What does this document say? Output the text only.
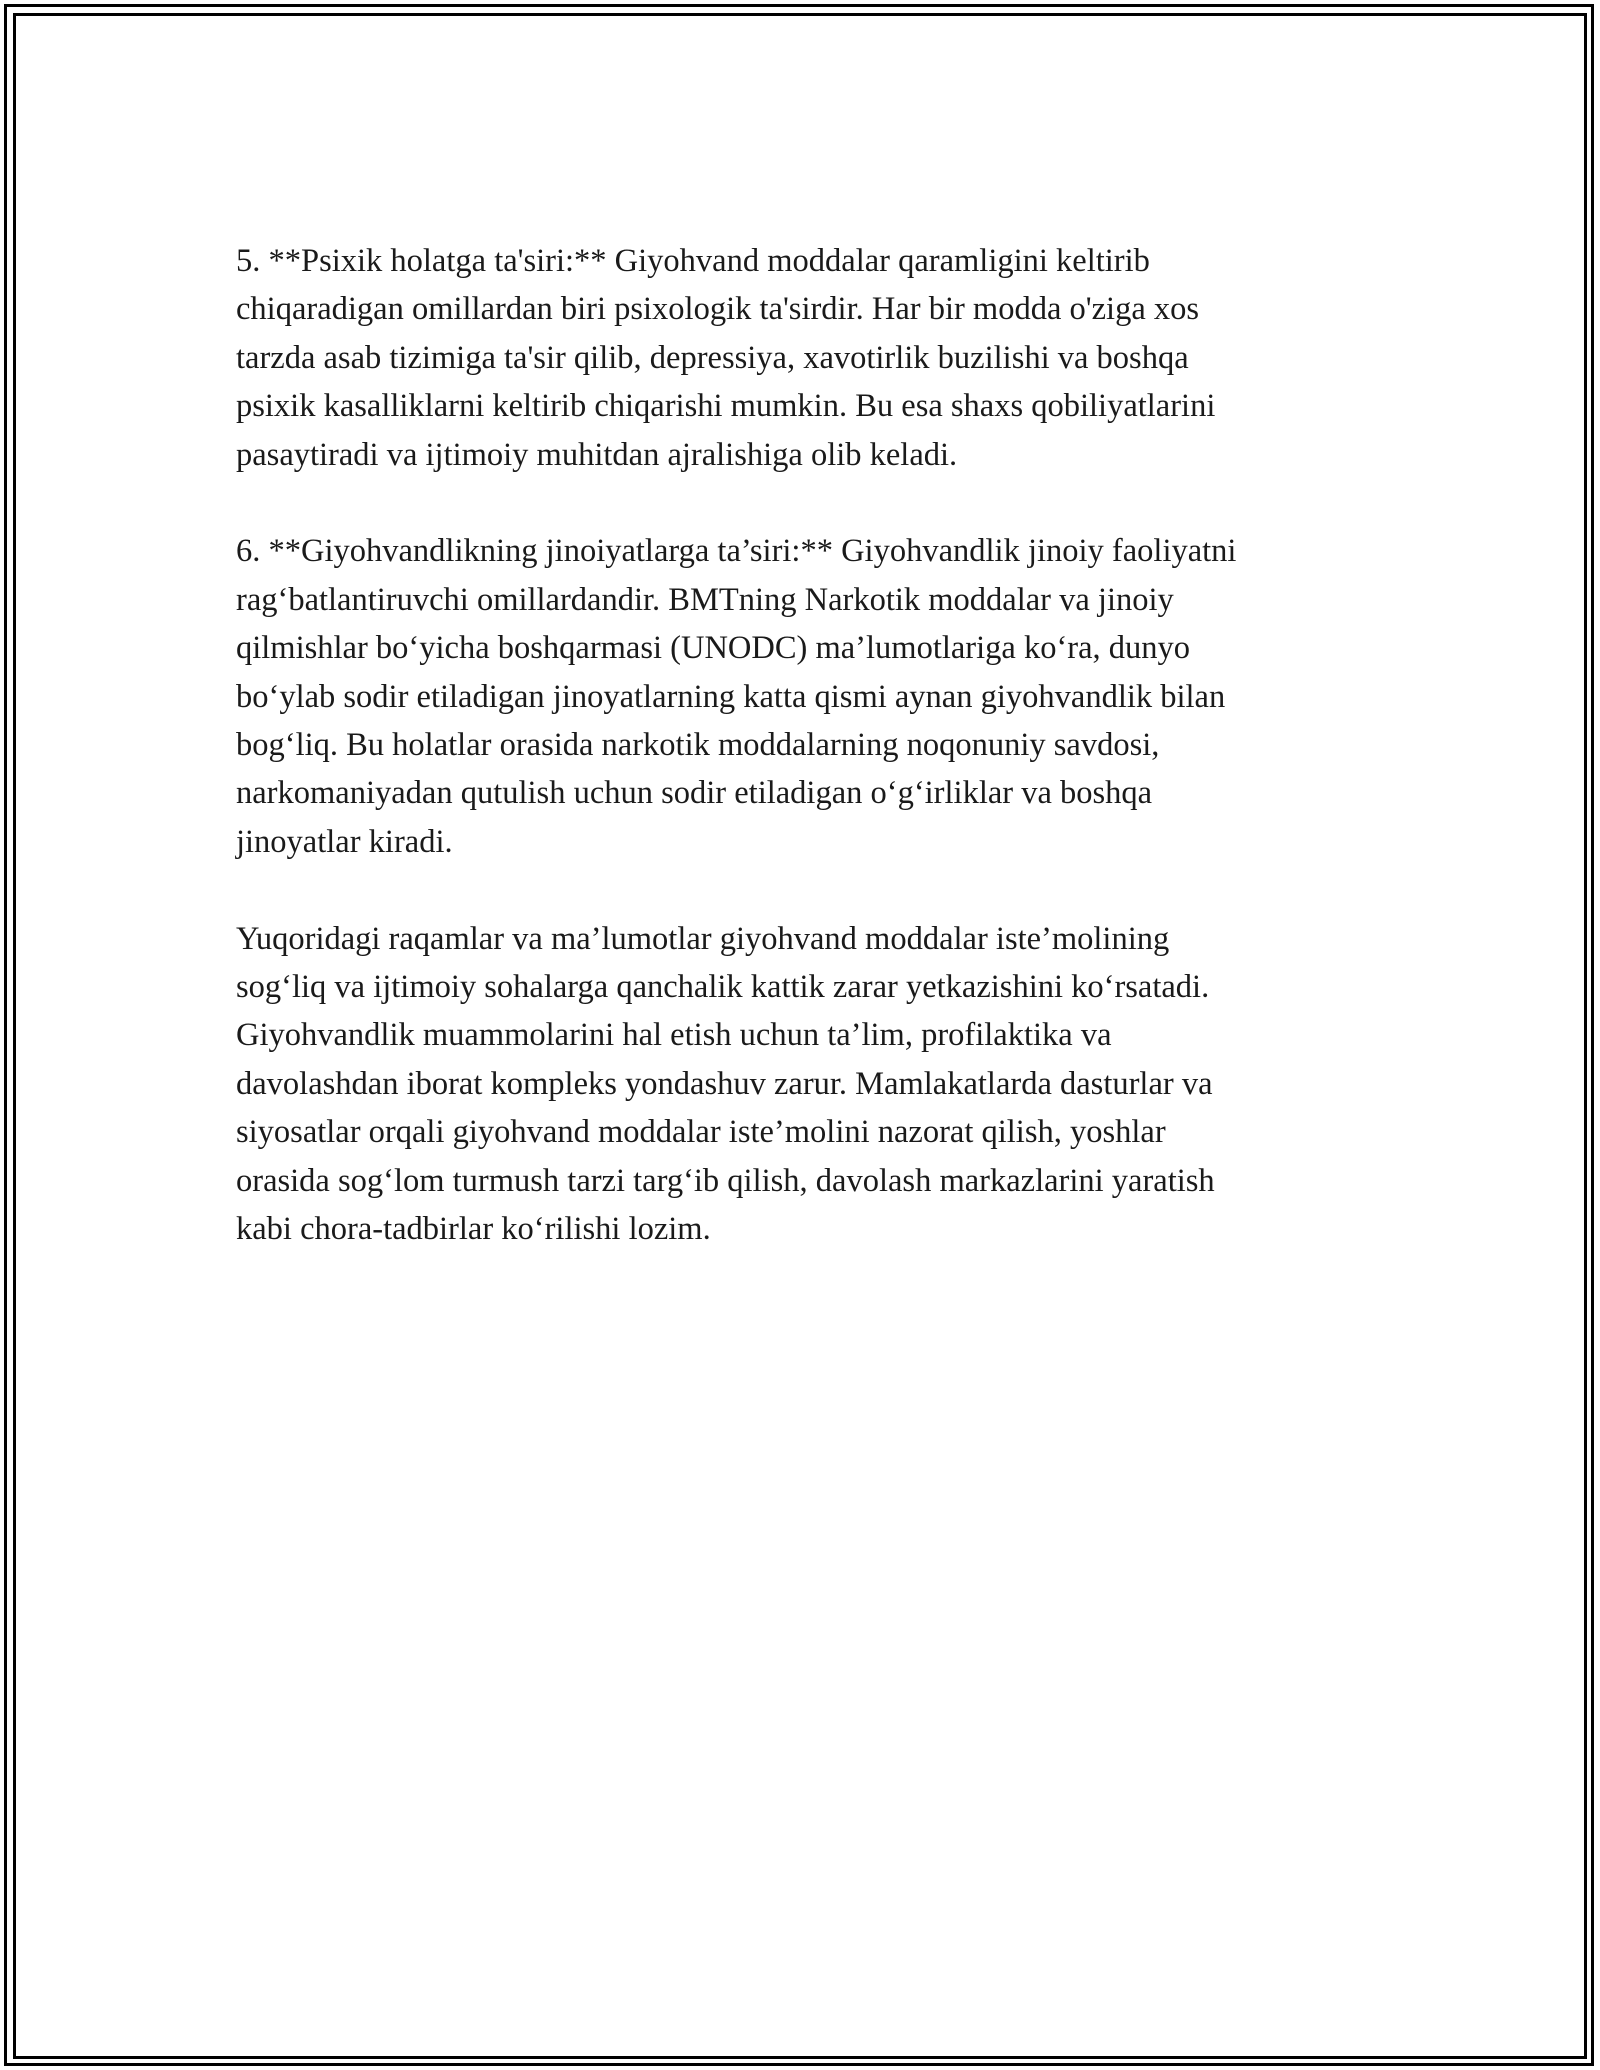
5. **Psixik holatga ta'siri:** Giyohvand moddalar qaramligini keltirib
chiqaradigan omillardan biri psixologik ta'sirdir. Har bir modda o'ziga xos
tarzda asab tizimiga ta'sir qilib, depressiya, xavotirlik buzilishi va boshqa
psixik kasalliklarni keltirib chiqarishi mumkin. Bu esa shaxs qobiliyatlarini
pasaytiradi va ijtimoiy muhitdan ajralishiga olib keladi.

6. **Giyohvandlikning jinoiyatlarga ta’siri:** Giyohvandlik jinoiy faoliyatni
rag‘batlantiruvchi omillardandir. BMTning Narkotik moddalar va jinoiy
qilmishlar bo‘yicha boshqarmasi (UNODC) ma’lumotlariga ko‘ra, dunyo
bo‘ylab sodir etiladigan jinoyatlarning katta qismi aynan giyohvandlik bilan
bog‘liq. Bu holatlar orasida narkotik moddalarning noqonuniy savdosi,
narkomaniyadan qutulish uchun sodir etiladigan o‘g‘irliklar va boshqa
jinoyatlar kiradi.

Yuqoridagi raqamlar va ma’lumotlar giyohvand moddalar iste’molining
sog‘liq va ijtimoiy sohalarga qanchalik kattik zarar yetkazishini ko‘rsatadi.
Giyohvandlik muammolarini hal etish uchun ta’lim, profilaktika va
davolashdan iborat kompleks yondashuv zarur. Mamlakatlarda dasturlar va
siyosatlar orqali giyohvand moddalar iste’molini nazorat qilish, yoshlar
orasida sog‘lom turmush tarzi targ‘ib qilish, davolash markazlarini yaratish
kabi chora-tadbirlar ko‘rilishi lozim.
